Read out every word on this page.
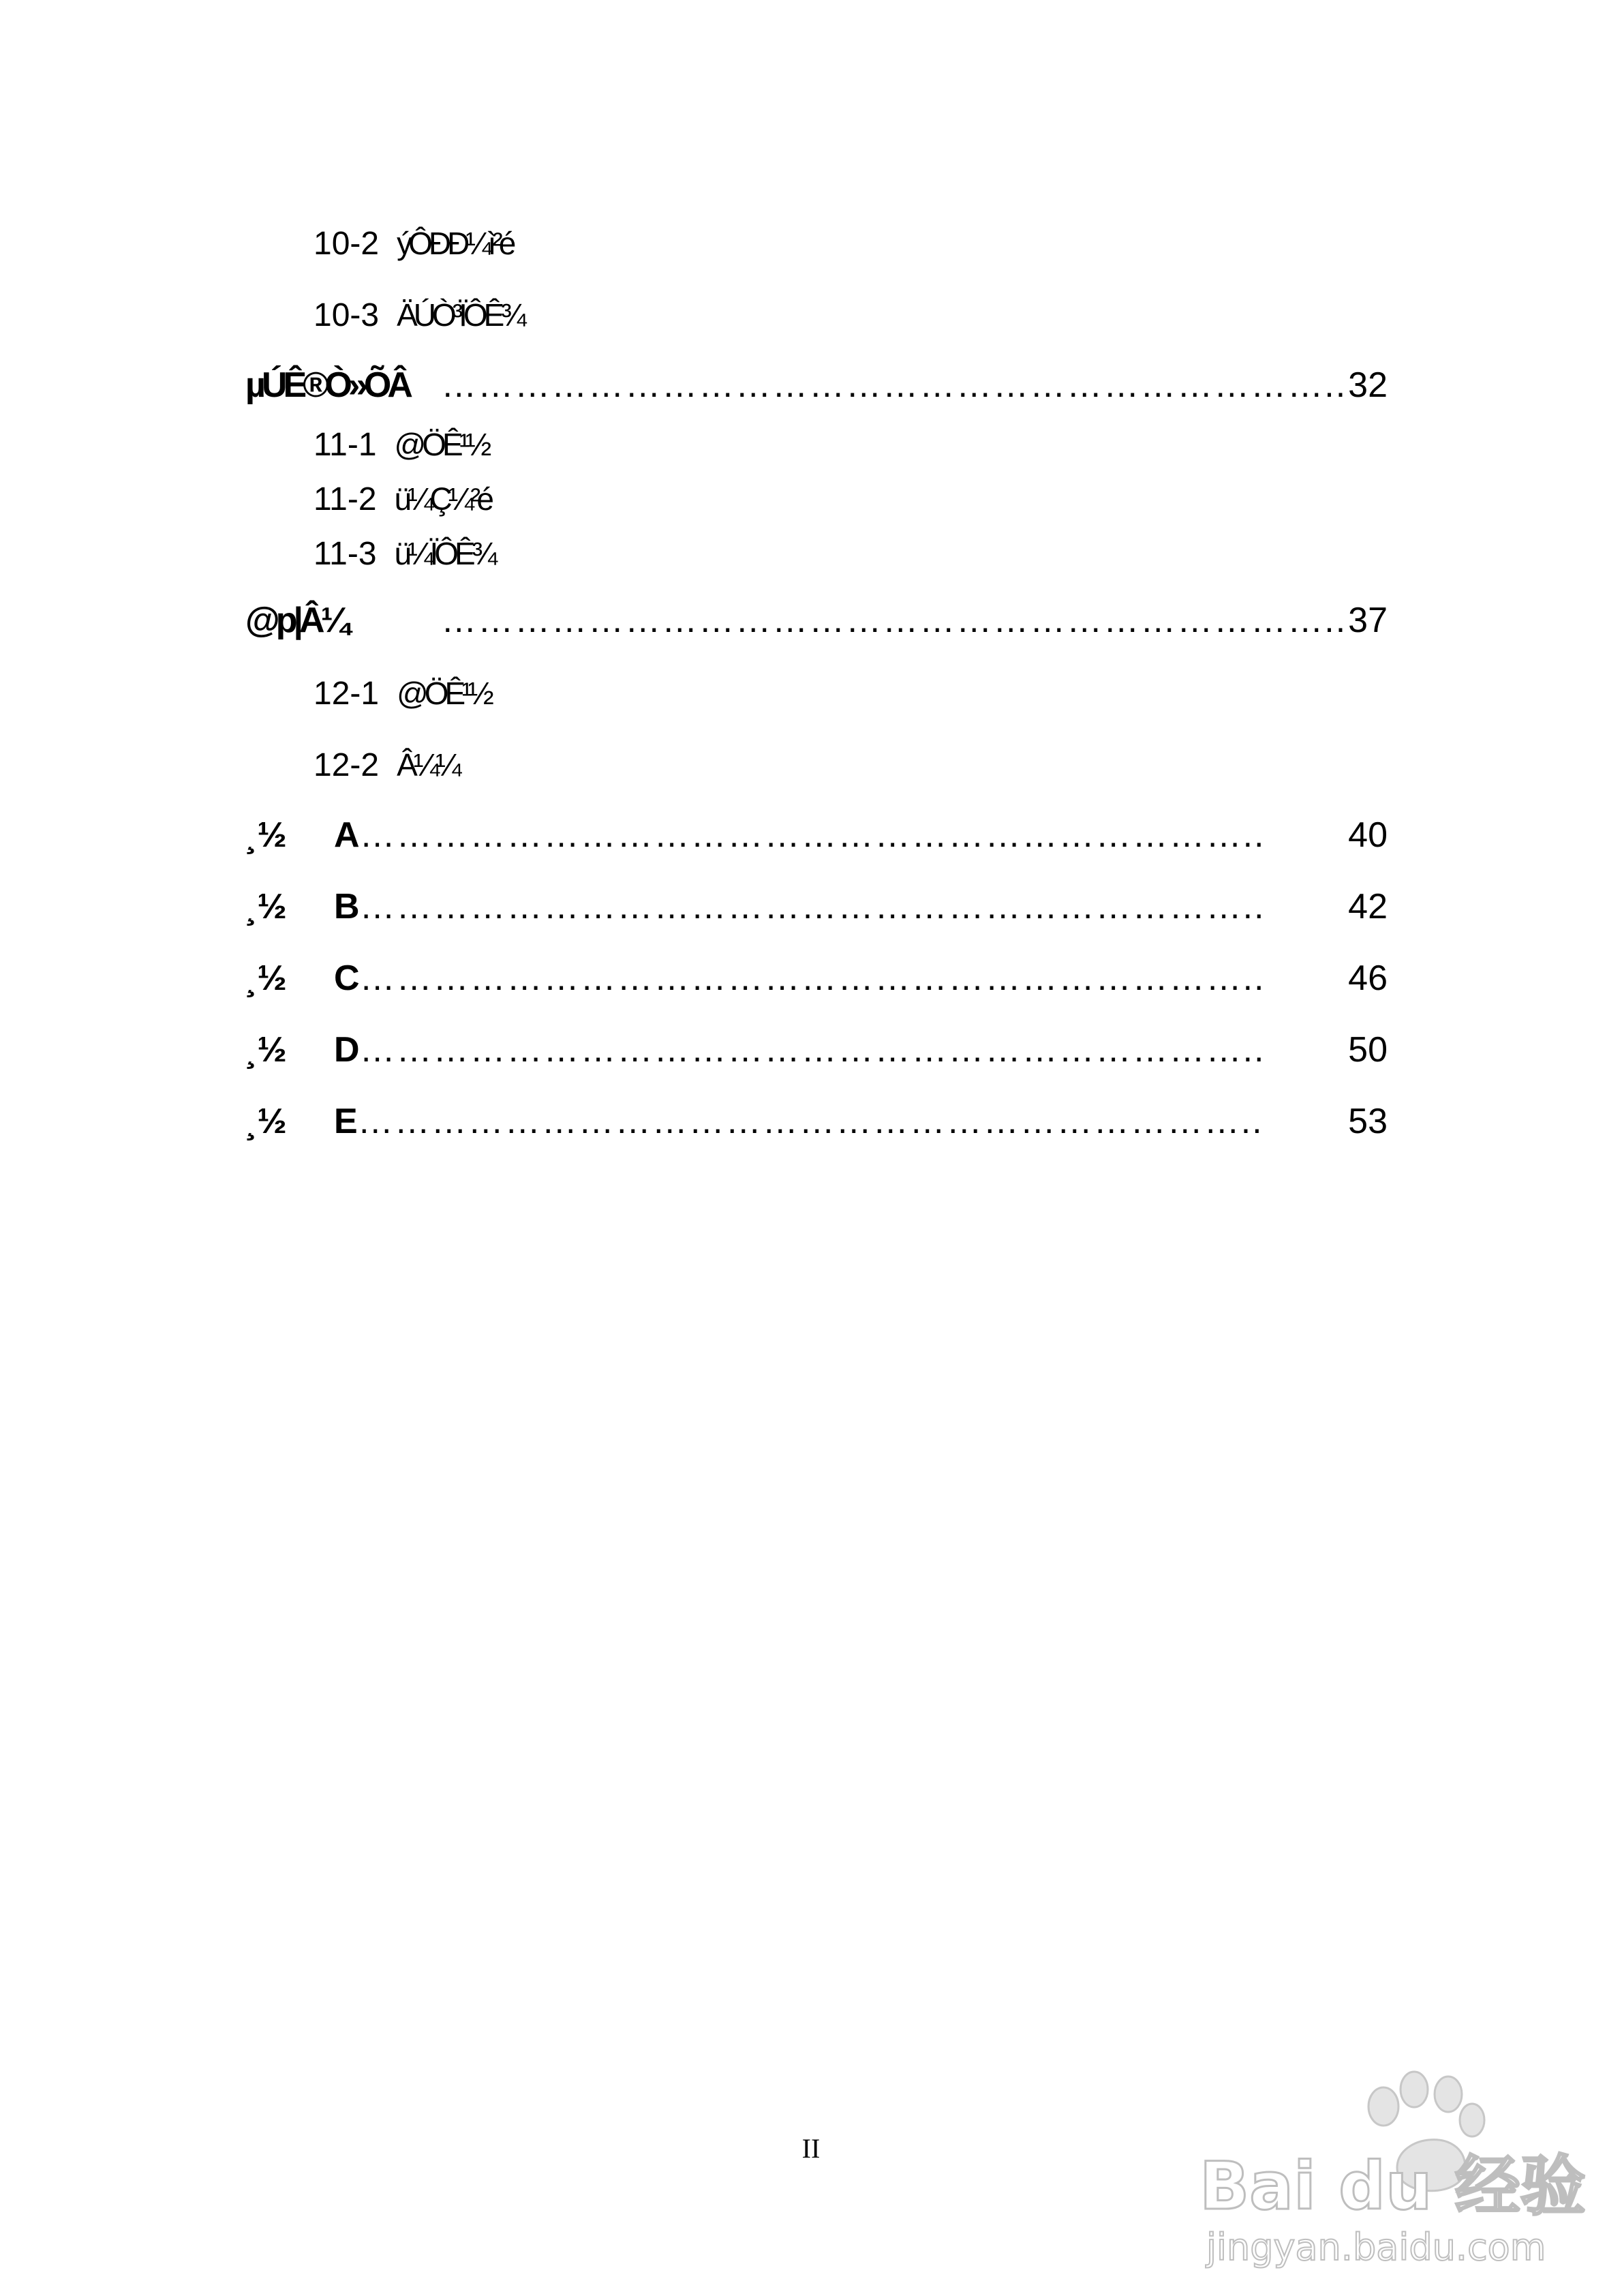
10-2 ýÔÐÐ¼ì²é
10-3 ÄÚÒ³ÏÔÊ¾
µÚÊ®Ò»ÕÂ ……………………………………………………………….. 32
11-1 @ÖÊ¹½
11-2 ü¼Ç¼²é
11-3 ü¼ÏÔÊ¾
@p|Â¼	……………………………………………………………….. 37
12-1 @ÖÊ¹½
12-2 Â¼¼
¸½	A ………………………………………………………………..	40
¸½	B ………………………………………………………………..	42
¸½	C ………………………………………………………………..	46
¸½	D ………………………………………………………………..	50
¸½	E ………………………………………………………………..	53
II	Bai du 经验
jingyan.baidu.com
